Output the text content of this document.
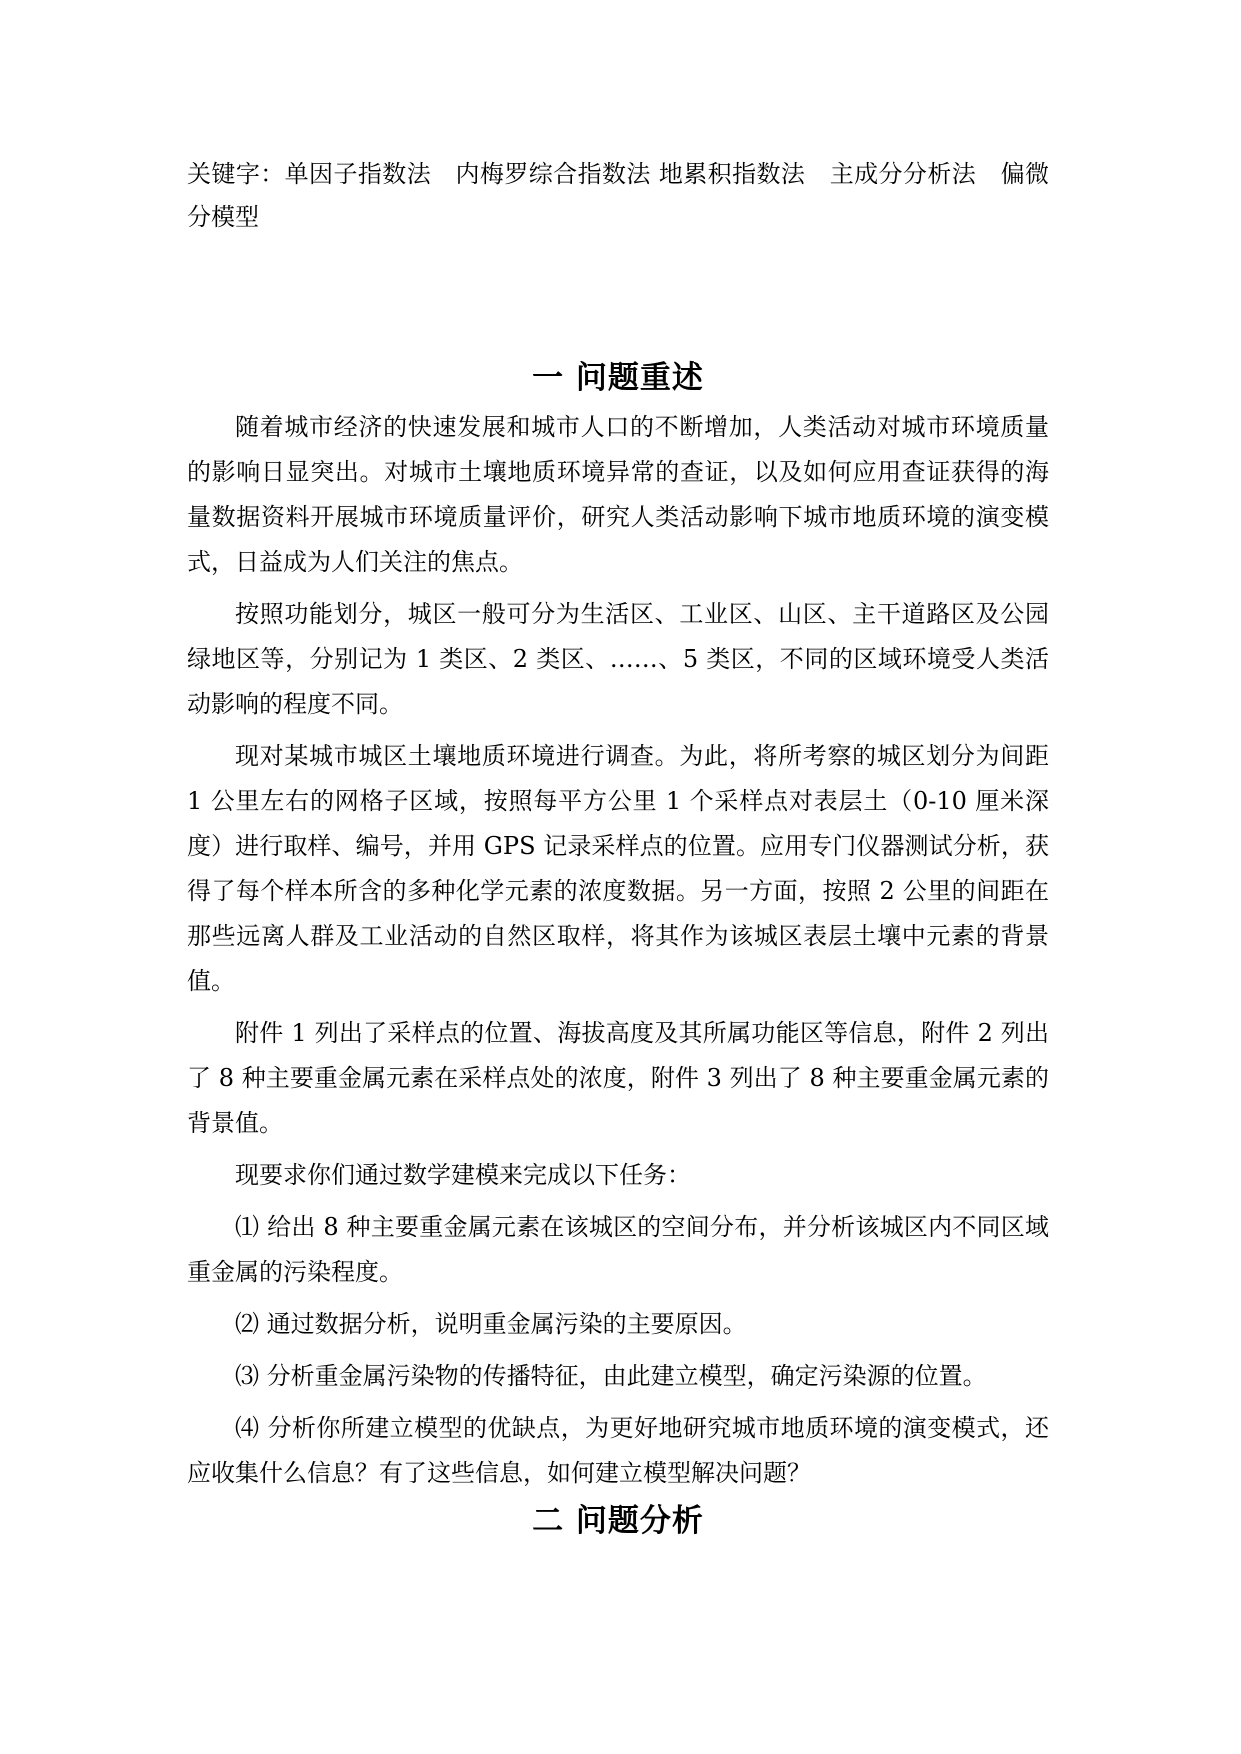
关键字：单因子指数法　内梅罗综合指数法 地累积指数法　主成分分析法　偏微分模型

一 问题重述

随着城市经济的快速发展和城市人口的不断增加，人类活动对城市环境质量的影响日显突出。对城市土壤地质环境异常的查证，以及如何应用查证获得的海量数据资料开展城市环境质量评价，研究人类活动影响下城市地质环境的演变模式，日益成为人们关注的焦点。

按照功能划分，城区一般可分为生活区、工业区、山区、主干道路区及公园绿地区等，分别记为 1 类区、2 类区、……、5 类区，不同的区域环境受人类活动影响的程度不同。

现对某城市城区土壤地质环境进行调查。为此，将所考察的城区划分为间距 1 公里左右的网格子区域，按照每平方公里 1 个采样点对表层土（0-10 厘米深度）进行取样、编号，并用 GPS 记录采样点的位置。应用专门仪器测试分析，获得了每个样本所含的多种化学元素的浓度数据。另一方面，按照 2 公里的间距在那些远离人群及工业活动的自然区取样，将其作为该城区表层土壤中元素的背景值。

附件 1 列出了采样点的位置、海拔高度及其所属功能区等信息，附件 2 列出了 8 种主要重金属元素在采样点处的浓度，附件 3 列出了 8 种主要重金属元素的背景值。

现要求你们通过数学建模来完成以下任务：

⑴ 给出 8 种主要重金属元素在该城区的空间分布，并分析该城区内不同区域重金属的污染程度。

⑵ 通过数据分析，说明重金属污染的主要原因。

⑶ 分析重金属污染物的传播特征，由此建立模型，确定污染源的位置。

⑷ 分析你所建立模型的优缺点，为更好地研究城市地质环境的演变模式，还应收集什么信息？有了这些信息，如何建立模型解决问题？

二 问题分析
